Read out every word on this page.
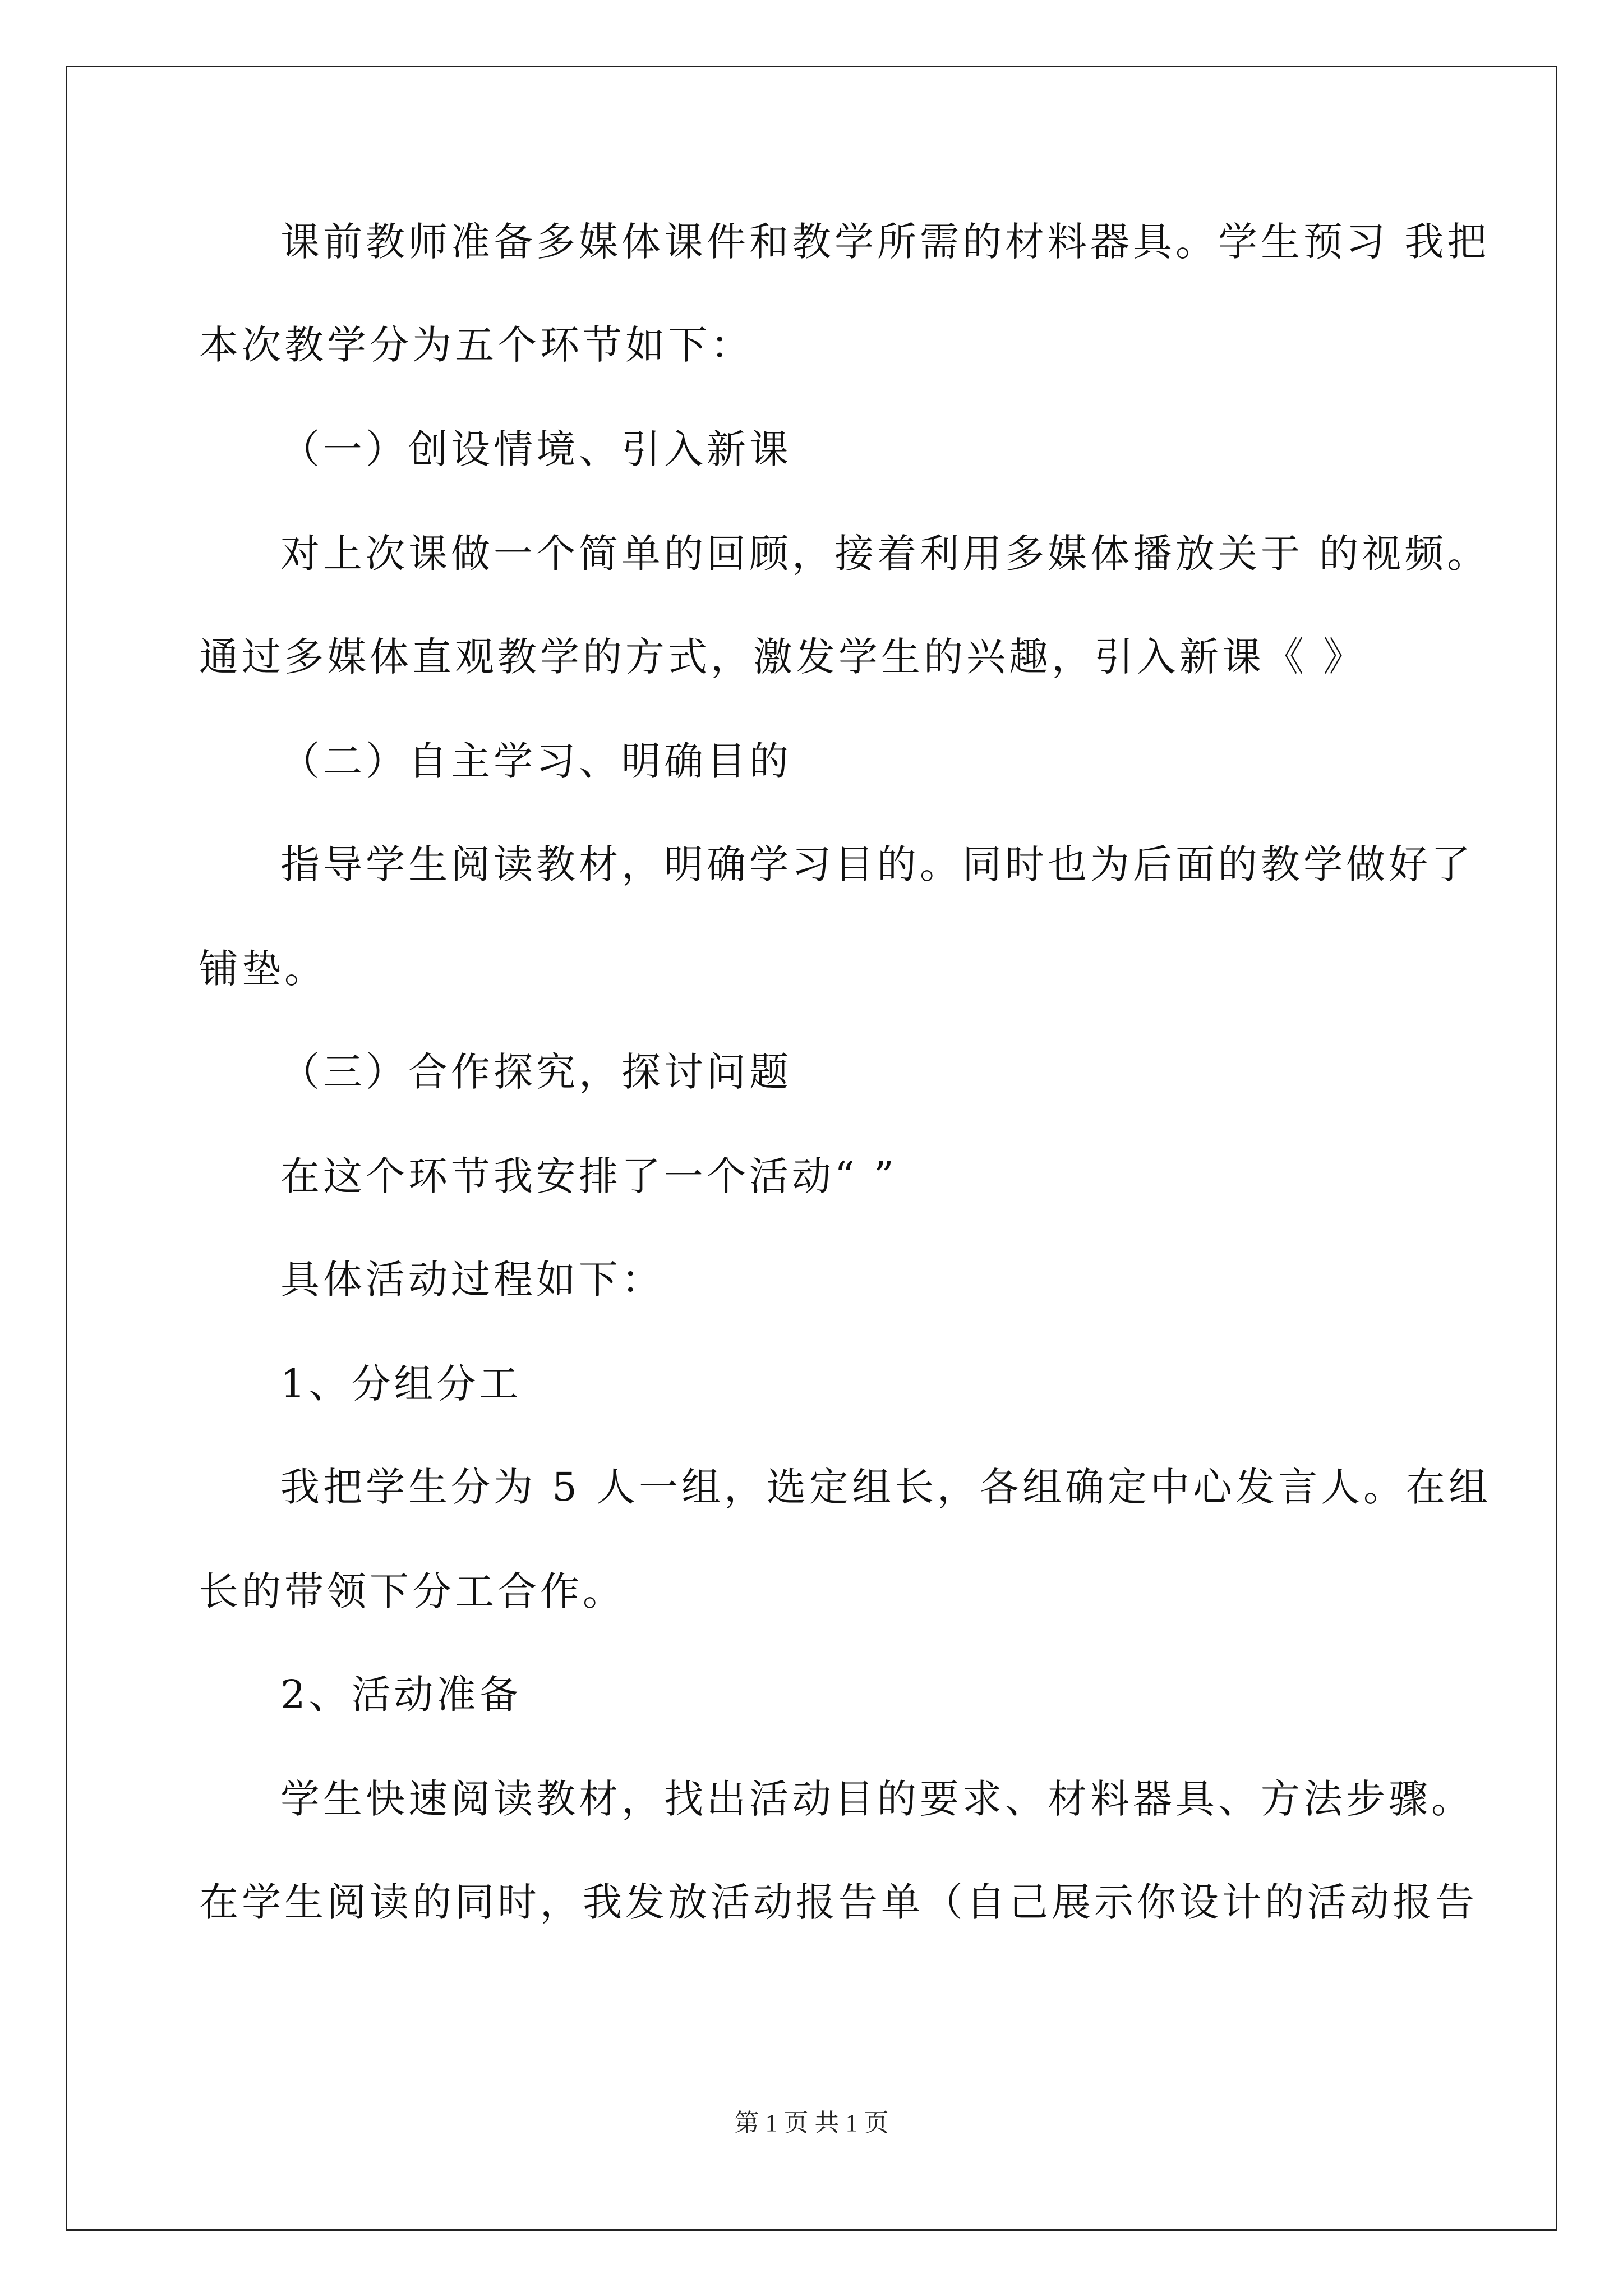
课前教师准备多媒体课件和教学所需的材料器具。学生预习 我把
本次教学分为五个环节如下：
（一）创设情境、引入新课
对上次课做一个简单的回顾，接着利用多媒体播放关于 的视频。
通过多媒体直观教学的方式，激发学生的兴趣，引入新课《 》
（二）自主学习、明确目的
指导学生阅读教材，明确学习目的。同时也为后面的教学做好了
铺垫。
（三）合作探究，探讨问题
在这个环节我安排了一个活动“ ”
具体活动过程如下：
1、分组分工
我把学生分为 5 人一组，选定组长，各组确定中心发言人。在组
长的带领下分工合作。
2、活动准备
学生快速阅读教材，找出活动目的要求、材料器具、方法步骤。
在学生阅读的同时，我发放活动报告单（自己展示你设计的活动报告
第 1 页 共 1 页
